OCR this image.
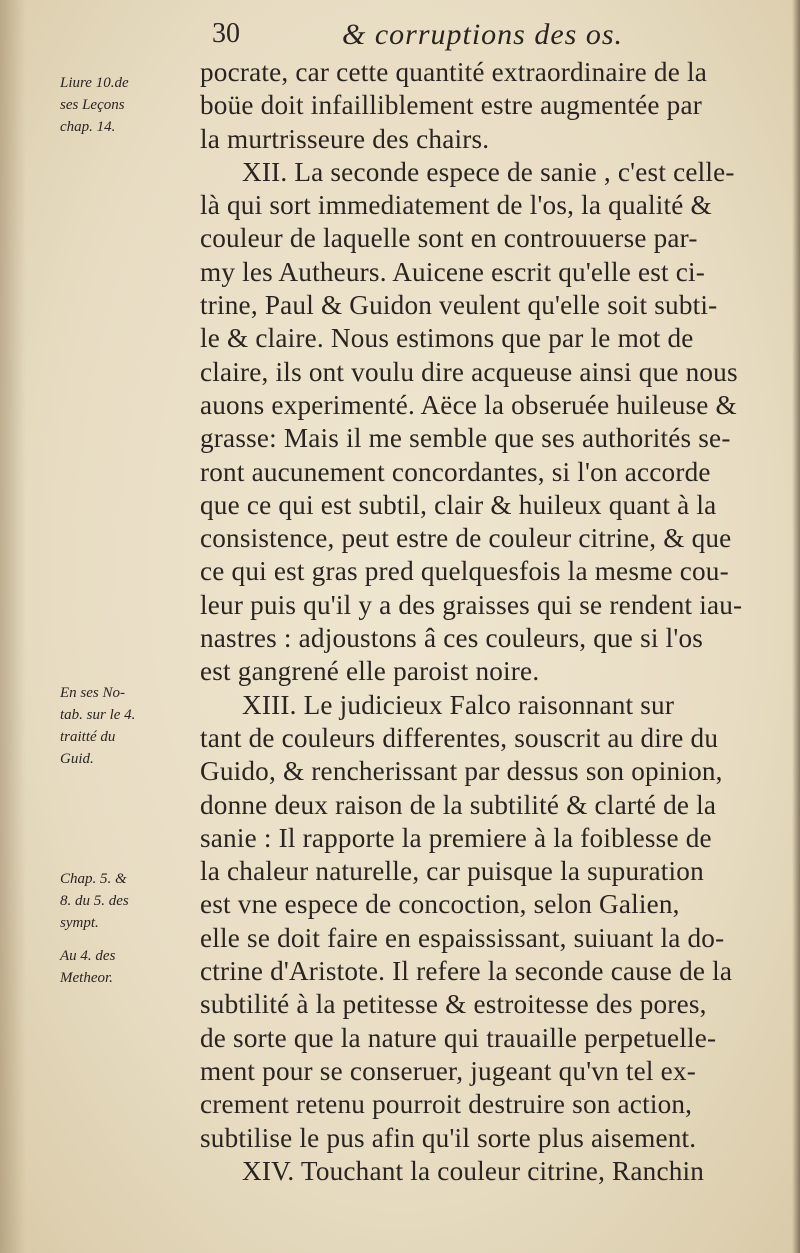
30	& corruptions des os.
Liure 10.de
ses Leçons
chap. 14.
En ses No-
tab. sur le 4.
traitté du
Guid.
Chap. 5. &
8. du 5. des
sympt.
Au 4. des
Metheor.
pocrate, car cette quantité extraordinaire de la
boüe doit infailliblement estre augmentée par
la murtrisseure des chairs.
XII. La seconde espece de sanie , c'est celle-
là qui sort immediatement de l'os, la qualité &
couleur de laquelle sont en controuuerse par-
my les Autheurs. Auicene escrit qu'elle est ci-
trine, Paul & Guidon veulent qu'elle soit subti-
le & claire. Nous estimons que par le mot de
claire, ils ont voulu dire acqueuse ainsi que nous
auons experimenté. Aëce la obseruée huileuse &
grasse: Mais il me semble que ses authorités se-
ront aucunement concordantes, si l'on accorde
que ce qui est subtil, clair & huileux quant à la
consistence, peut estre de couleur citrine, & que
ce qui est gras pred quelquesfois la mesme cou-
leur puis qu'il y a des graisses qui se rendent iau-
nastres : adjoustons â ces couleurs, que si l'os
est gangrené elle paroist noire.
XIII. Le judicieux Falco raisonnant sur
tant de couleurs differentes, souscrit au dire du
Guido, & rencherissant par dessus son opinion,
donne deux raison de la subtilité & clarté de la
sanie : Il rapporte la premiere à la foiblesse de
la chaleur naturelle, car puisque la supuration
est vne espece de concoction, selon Galien,
elle se doit faire en espaississant, suiuant la do-
ctrine d'Aristote. Il refere la seconde cause de la
subtilité à la petitesse & estroitesse des pores,
de sorte que la nature qui trauaille perpetuelle-
ment pour se conseruer, jugeant qu'vn tel ex-
crement retenu pourroit destruire son action,
subtilise le pus afin qu'il sorte plus aisement.
XIV. Touchant la couleur citrine, Ranchin
